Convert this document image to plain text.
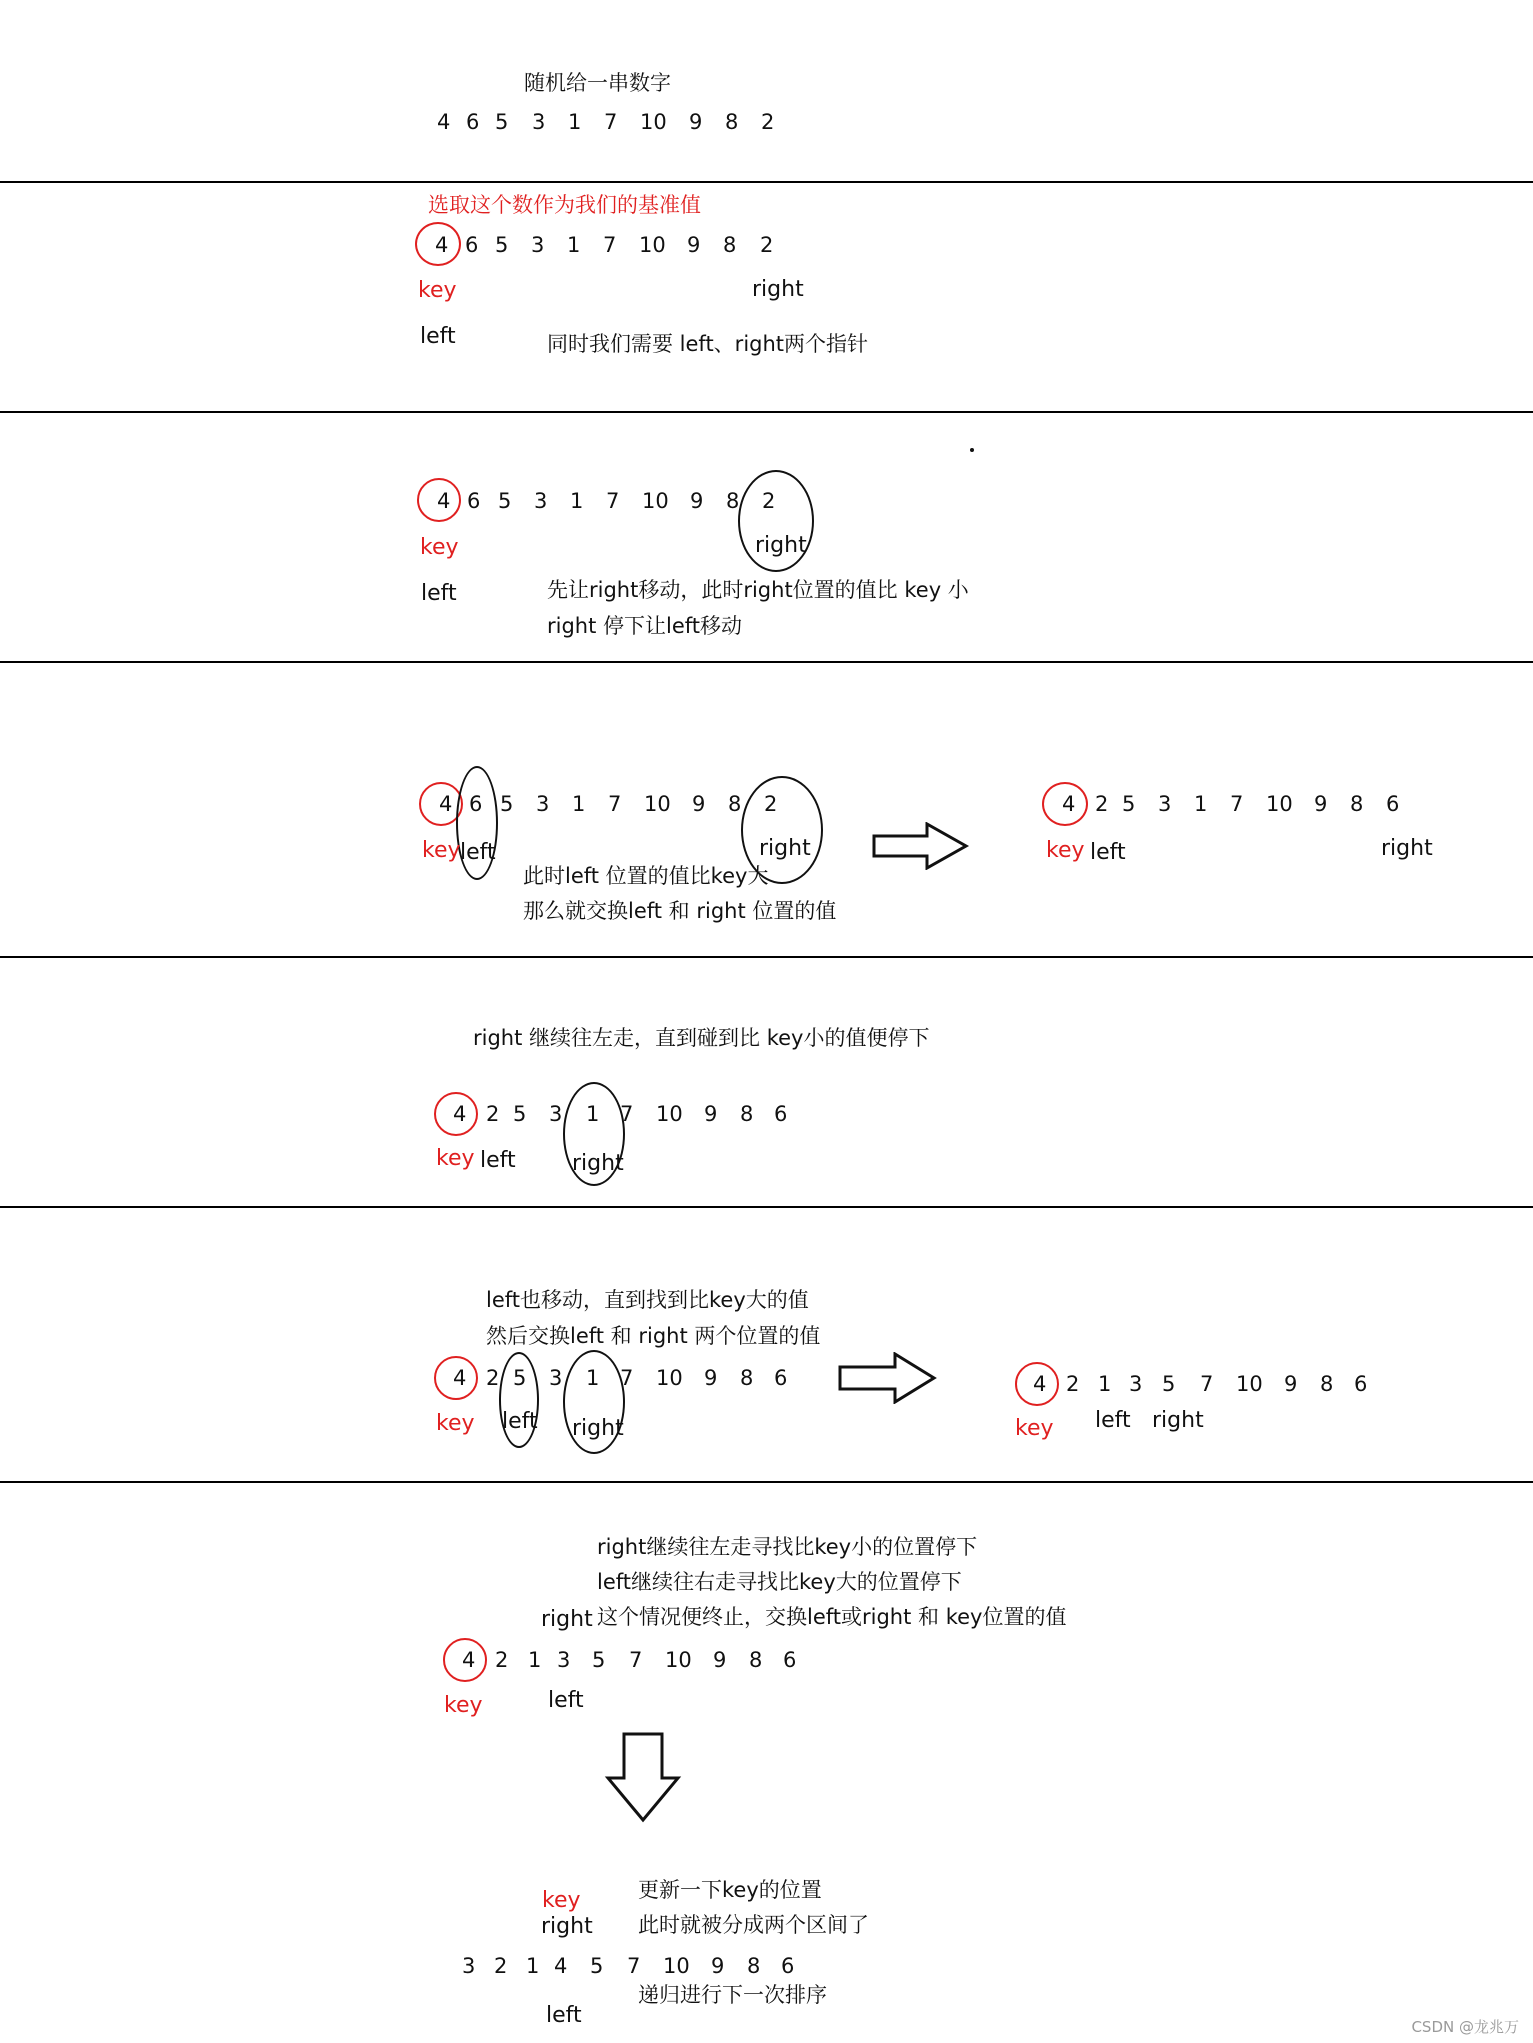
随机给一串数字
4 6 5 3 1 7 10 9 8 2
选取这个数作为我们的基准值
4 6 5 3 1 7 10 9 8 2
key	right
left	同时我们需要 left、right两个指针
4 6 5 3 1 7 10 9 8 2
right
key
left	先让right移动，此时right位置的值比 key 小
right 停下让left移动
4 6 5 3 1 7 10 9 8 2
key left	right
此时left 位置的值比key大
那么就交换left 和 right 位置的值
4 2 5 3 1 7 10 9 8 6
key left	right
right 继续往左走，直到碰到比 key小的值便停下
4 2 5 3 1 7 10 9 8 6
key left	right
left也移动，直到找到比key大的值
然后交换left 和 right 两个位置的值
4 2 5 3 1 7 10 9 8 6
key left right
4 2 1 3 5 7 10 9 8 6
key left right
right继续往左走寻找比key小的位置停下
left继续往右走寻找比key大的位置停下
right 这个情况便终止，交换left或right 和 key位置的值
4 2 1 3 5 7 10 9 8 6
key	left
key
right
更新一下key的位置
此时就被分成两个区间了
3 2 1 4 5 7 10 9 8 6
递归进行下一次排序
left	CSDN @龙兆万
